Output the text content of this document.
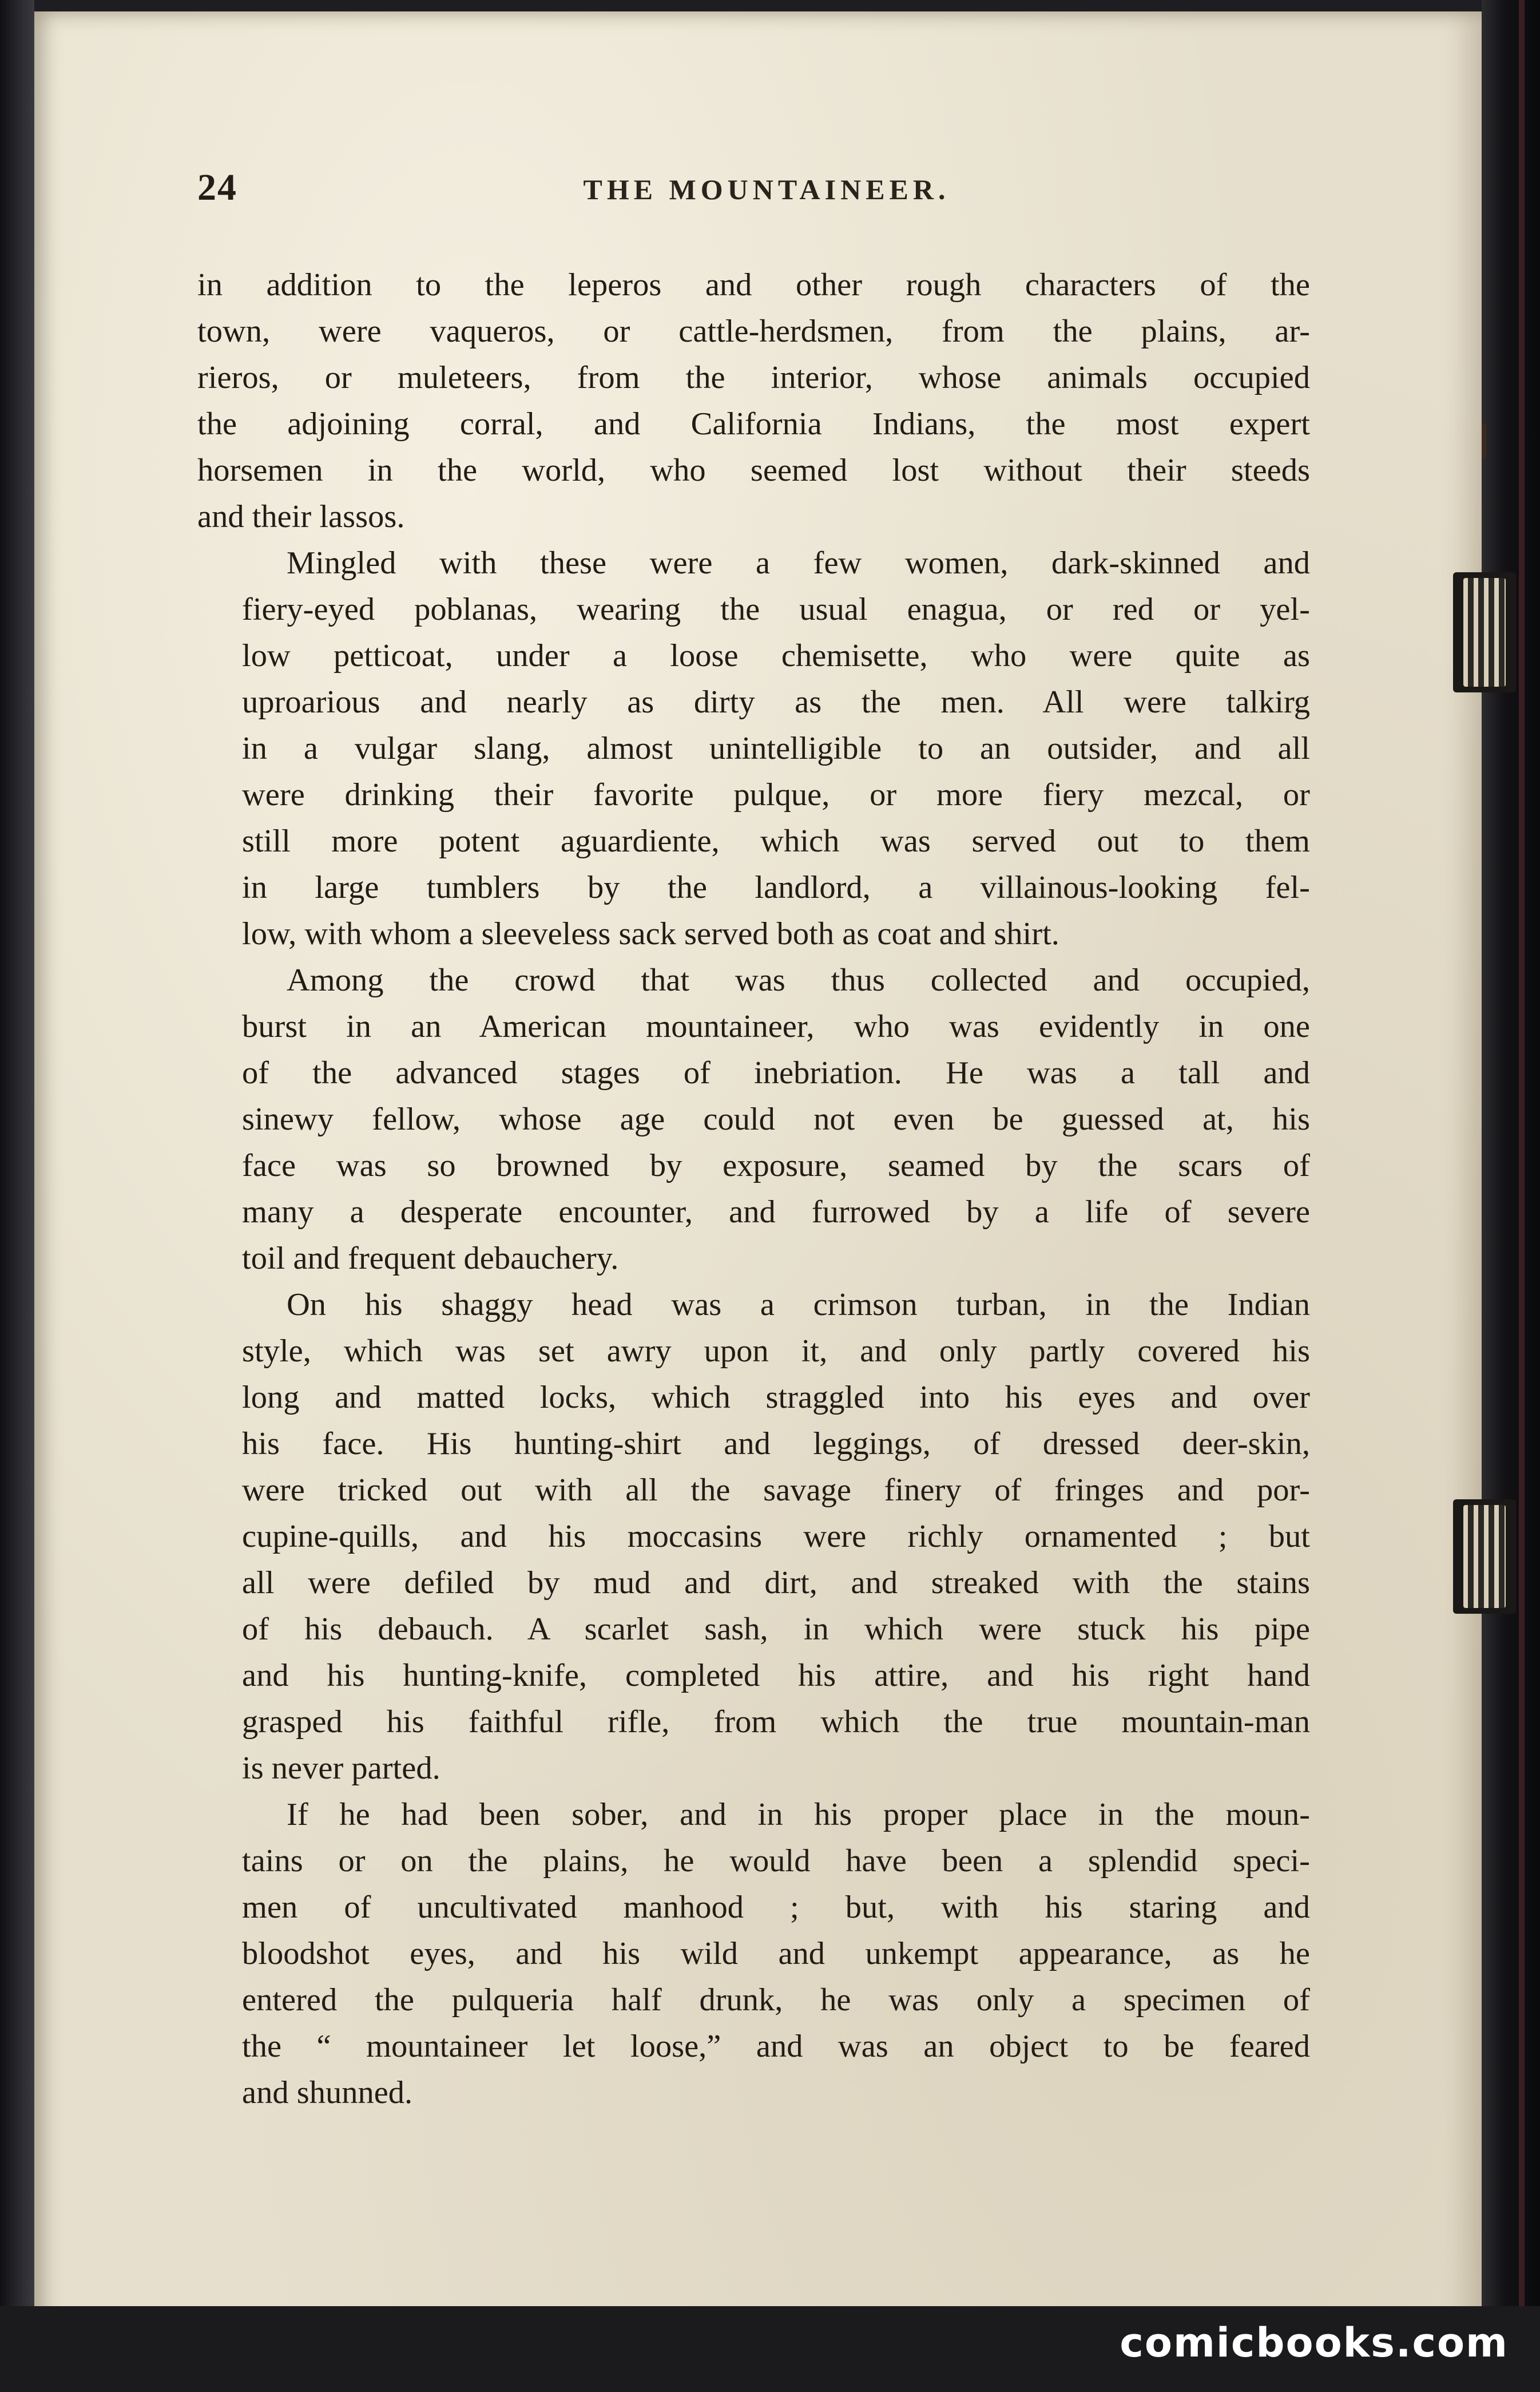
24	THE MOUNTAINEER.
in addition to the leperos and other rough characters of the
town, were vaqueros, or cattle-herdsmen, from the plains, ar-
rieros, or muleteers, from the interior, whose animals occupied
the adjoining corral, and California Indians, the most expert
horsemen in the world, who seemed lost without their steeds
and their lassos.
Mingled with these were a few women, dark-skinned and
fiery-eyed poblanas, wearing the usual enagua, or red or yel-
low petticoat, under a loose chemisette, who were quite as
uproarious and nearly as dirty as the men. All were talkirg
in a vulgar slang, almost unintelligible to an outsider, and all
were drinking their favorite pulque, or more fiery mezcal, or
still more potent aguardiente, which was served out to them
in large tumblers by the landlord, a villainous-looking fel-
low, with whom a sleeveless sack served both as coat and shirt.
Among the crowd that was thus collected and occupied,
burst in an American mountaineer, who was evidently in one
of the advanced stages of inebriation. He was a tall and
sinewy fellow, whose age could not even be guessed at, his
face was so browned by exposure, seamed by the scars of
many a desperate encounter, and furrowed by a life of severe
toil and frequent debauchery.
On his shaggy head was a crimson turban, in the Indian
style, which was set awry upon it, and only partly covered his
long and matted locks, which straggled into his eyes and over
his face. His hunting-shirt and leggings, of dressed deer-skin,
were tricked out with all the savage finery of fringes and por-
cupine-quills, and his moccasins were richly ornamented ; but
all were defiled by mud and dirt, and streaked with the stains
of his debauch. A scarlet sash, in which were stuck his pipe
and his hunting-knife, completed his attire, and his right hand
grasped his faithful rifle, from which the true mountain-man
is never parted.
If he had been sober, and in his proper place in the moun-
tains or on the plains, he would have been a splendid speci-
men of uncultivated manhood ; but, with his staring and
bloodshot eyes, and his wild and unkempt appearance, as he
entered the pulqueria half drunk, he was only a specimen of
the “ mountaineer let loose,” and was an object to be feared
and shunned.
comicbooks.com
